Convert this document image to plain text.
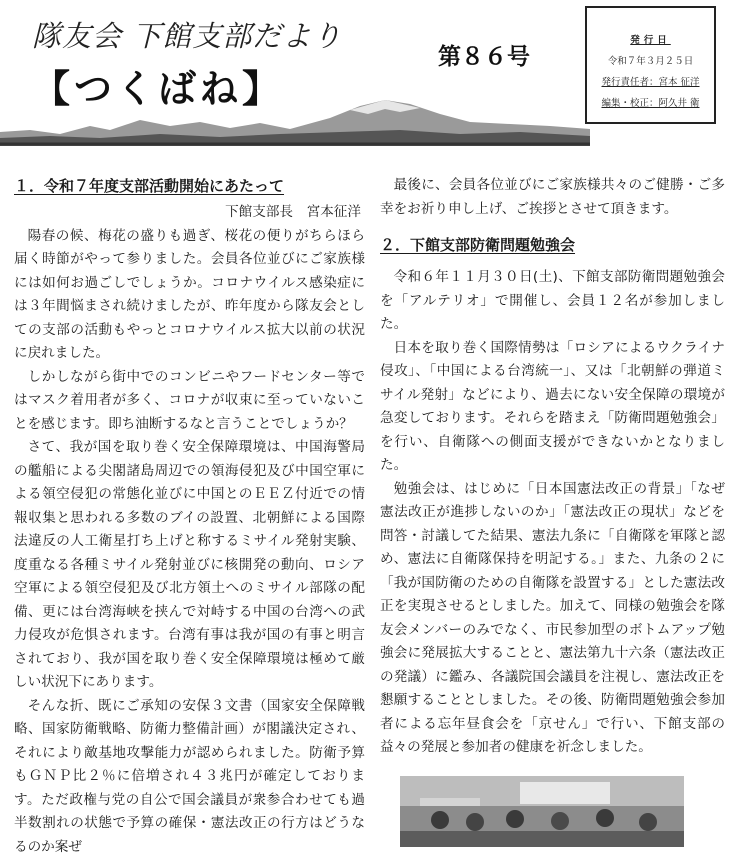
隊友会 下館支部だより
【つくばね】
第８６号
発行日
令和７年３月２５日
発行責任者：宮本 征洋
編集・校正：阿久井 衛
１．令和７年度支部活動開始にあたって
下館支部長　宮本征洋

陽春の候、梅花の盛りも過ぎ、桜花の便りがちらほら届く時節がやって参りました。会員各位並びにご家族様には如何お過ごしでしょうか。コロナウイルス感染症には３年間悩まされ続けましたが、昨年度から隊友会としての支部の活動もやっとコロナウイルス拡大以前の状況に戻れました。

しかしながら街中でのコンビニやフードセンター等ではマスク着用者が多く、コロナが収束に至っていないことを感じます。即ち油断するなと言うことでしょうか？

さて、我が国を取り巻く安全保障環境は、中国海警局の艦船による尖閣諸島周辺での領海侵犯及び中国空軍による領空侵犯の常態化並びに中国とのＥＥＺ付近での情報収集と思われる多数のブイの設置、北朝鮮による国際法違反の人工衛星打ち上げと称するミサイル発射実験、度重なる各種ミサイル発射並びに核開発の動向、ロシア空軍による領空侵犯及び北方領土へのミサイル部隊の配備、更には台湾海峡を挟んで対峙する中国の台湾への武力侵攻が危惧されます。台湾有事は我が国の有事と明言されており、我が国を取り巻く安全保障環境は極めて厳しい状況下にあります。

そんな折、既にご承知の安保３文書（国家安全保障戦略、国家防衛戦略、防衛力整備計画）が閣議決定され、それにより敵基地攻撃能力が認められました。防衛予算もＧＮＰ比２％に倍増され４３兆円が確定しております。ただ政権与党の自公で国会議員が衆参合わせても過半数割れの状態で予算の確保・憲法改正の行方はどうなるのか案ぜ

最後に、会員各位並びにご家族様共々のご健勝・ご多幸をお祈り申し上げ、ご挨拶とさせて頂きます。

２．下館支部防衛問題勉強会

令和６年１１月３０日(土)、下館支部防衛問題勉強会を「アルテリオ」で開催し、会員１２名が参加しました。

日本を取り巻く国際情勢は「ロシアによるウクライナ侵攻」、「中国による台湾統一」、又は「北朝鮮の弾道ミサイル発射」などにより、過去にない安全保障の環境が急変しております。それらを踏まえ「防衛問題勉強会」を行い、自衛隊への側面支援ができないかとなりました。

勉強会は、はじめに「日本国憲法改正の背景」「なぜ憲法改正が進捗しないのか」「憲法改正の現状」などを問答・討議してた結果、憲法九条に「自衛隊を軍隊と認め、憲法に自衛隊保持を明記する。」また、九条の２に「我が国防衛のための自衛隊を設置する」とした憲法改正を実現させるとしました。加えて、同様の勉強会を隊友会メンバーのみでなく、市民参加型のボトムアップ勉強会に発展拡大することと、憲法第九十六条（憲法改正の発議）に鑑み、各議院国会議員を注視し、憲法改正を懇願することとしました。その後、防衛問題勉強会参加者による忘年昼食会を「京せん」で行い、下館支部の益々の発展と参加者の健康を祈念しました。
